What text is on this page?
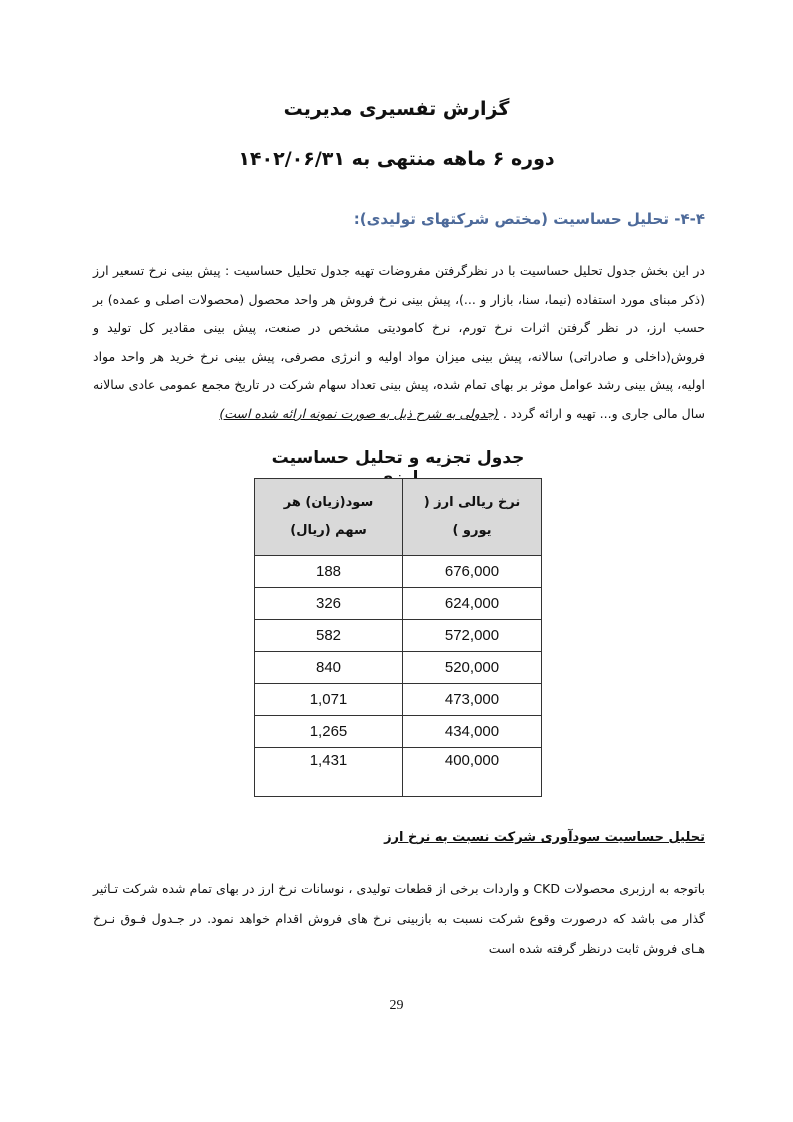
گزارش تفسیری مدیریت
دوره ۶ ماهه منتهی به ۱۴۰۲/۰۶/۳۱
۴-۴- تحلیل حساسیت (مختص شرکتهای تولیدی):

در این بخش جدول تحلیل حساسیت با در نظرگرفتن مفروضات تهیه جدول تحلیل حساسیت : پیش بینی نرخ تسعیر ارز (ذکر مبنای مورد استفاده (نیما، سنا، بازار و ...)، پیش بینی نرخ فروش هر واحد محصول (محصولات اصلی و عمده) بر حسب ارز، در نظر گرفتن اثرات نرخ تورم، نرخ کامودیتی مشخص در صنعت، پیش بینی مقادیر کل تولید و فروش(داخلی و صادراتی) سالانه، پیش بینی میزان مواد اولیه و انرژی مصرفی، پیش بینی نرخ خرید هر واحد مواد اولیه، پیش بینی رشد عوامل موثر بر بهای تمام شده، پیش بینی تعداد سهام شرکت در تاریخ مجمع عمومی عادی سالانه سال مالی جاری و... تهیه و ارائه گردد . (جدولی به شرح ذیل به صورت نمونه ارائه شده است)

جدول تجزیه و تحلیل حساسیت
نرخ ریالی ارز ( یورو )	سود(زیان) هر سهم (ریال)
676,000	188
624,000	326
572,000	582
520,000	840
473,000	1,071
434,000	1,265
400,000	1,431
تحلیل حساسیت سودآوری شرکت نسبت به نرخ ارز

باتوجه به ارزبری محصولات CKD و واردات برخی از قطعات تولیدی ، نوسانات نرخ ارز در بهای تمام شده شرکت تـاثیر گذار می باشد که درصورت وقوع شرکت نسبت به بازبینی نرخ های فروش اقدام خواهد نمود. در جـدول فـوق نـرخ هـای فروش ثابت درنظر گرفته شده است

29
